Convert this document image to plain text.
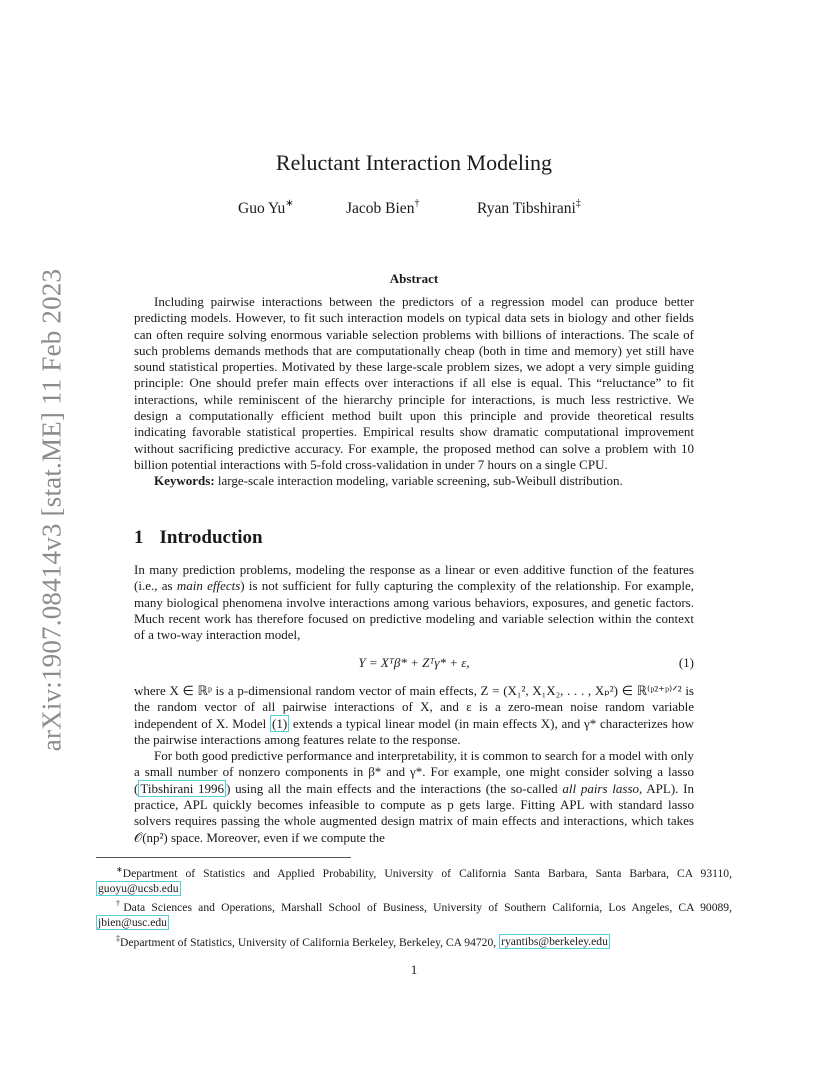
arXiv:1907.08414v3 [stat.ME] 11 Feb 2023
Reluctant Interaction Modeling
Guo Yu∗	Jacob Bien†	Ryan Tibshirani‡
Abstract

Including pairwise interactions between the predictors of a regression model can produce better predicting models. However, to fit such interaction models on typical data sets in biology and other fields can often require solving enormous variable selection problems with billions of interactions. The scale of such problems demands methods that are computationally cheap (both in time and memory) yet still have sound statistical properties. Motivated by these large-scale problem sizes, we adopt a very simple guiding principle: One should prefer main effects over interactions if all else is equal. This “reluctance” to fit interactions, while reminiscent of the hierarchy principle for interactions, is much less restrictive. We design a computationally efficient method built upon this principle and provide theoretical results indicating favorable statistical properties. Empirical results show dramatic computational improvement without sacrificing predictive accuracy. For example, the proposed method can solve a problem with 10 billion potential interactions with 5-fold cross-validation in under 7 hours on a single CPU.

Keywords: large-scale interaction modeling, variable screening, sub-Weibull distribution.

1 Introduction

In many prediction problems, modeling the response as a linear or even additive function of the features (i.e., as main effects) is not sufficient for fully capturing the complexity of the relationship. For example, many biological phenomena involve interactions among various behaviors, exposures, and genetic factors. Much recent work has therefore focused on predictive modeling and variable selection within the context of a two-way interaction model,

Y = Xᵀβ* + Zᵀγ* + ε,	(1)

where X ∈ ℝᵖ is a p-dimensional random vector of main effects, Z = (X₁², X₁X₂, . . . , Xₚ²) ∈ ℝ⁽ᵖ²⁺ᵖ⁾ᐟ² is the random vector of all pairwise interactions of X, and ε is a zero-mean noise random variable independent of X. Model (1) extends a typical linear model (in main effects X), and γ* characterizes how the pairwise interactions among features relate to the response.

For both good predictive performance and interpretability, it is common to search for a model with only a small number of nonzero components in β* and γ*. For example, one might consider solving a lasso ( Tibshirani 1996 ) using all the main effects and the interactions (the so-called all pairs lasso, APL). In practice, APL quickly becomes infeasible to compute as p gets large. Fitting APL with standard lasso solvers requires passing the whole augmented design matrix of main effects and interactions, which takes 𝒪(np²) space. Moreover, even if we compute the

∗Department of Statistics and Applied Probability, University of California Santa Barbara, Santa Barbara, CA 93110, guoyu@ucsb.edu

†Data Sciences and Operations, Marshall School of Business, University of Southern California, Los Angeles, CA 90089, jbien@usc.edu

‡Department of Statistics, University of California Berkeley, Berkeley, CA 94720, ryantibs@berkeley.edu

1
